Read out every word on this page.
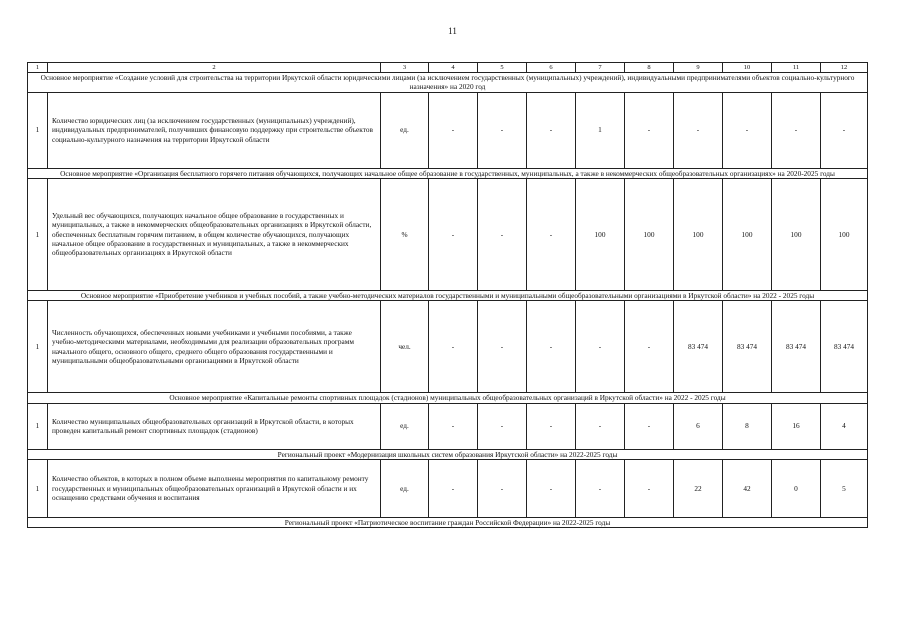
11
1	2	3	4	5	6	7	8	9	10	11	12
Основное мероприятие «Создание условий для строительства на территории Иркутской области юридическими лицами (за исключением государственных (муниципальных) учреждений), индивидуальными предпринимателями объектов социально-культурного назначения» на 2020 год											
1	Количество юридических лиц (за исключением государственных (муниципальных) учреждений), индивидуальных предпринимателей, получивших финансовую поддержку при строительстве объектов социально-культурного назначения на территории Иркутской области	ед.	-	-	-	1	-	-	-	-	-
Основное мероприятие «Организация бесплатного горячего питания обучающихся, получающих начальное общее образование в государственных, муниципальных, а также в некоммерческих общеобразовательных организациях» на 2020-2025 годы											
1	Удельный вес обучающихся, получающих начальное общее образование в государственных и муниципальных, а также в некоммерческих общеобразовательных организациях в Иркутской области, обеспеченных бесплатным горячим питанием, в общем количестве обучающихся, получающих начальное общее образование в государственных и муниципальных, а также в некоммерческих общеобразовательных организациях в Иркутской области	%	-	-	-	100	100	100	100	100	100
Основное мероприятие «Приобретение учебников и учебных пособий, а также учебно-методических материалов государственными и муниципальными общеобразовательными организациями в Иркутской области» на 2022 - 2025 годы											
1	Численность обучающихся, обеспеченных новыми учебниками и учебными пособиями, а также учебно-методическими материалами, необходимыми для реализации образовательных программ начального общего, основного общего, среднего общего образования государственными и муниципальными общеобразовательными организациями в Иркутской области	чел.	-	-	-	-	-	83 474	83 474	83 474	83 474
Основное мероприятие «Капитальные ремонты спортивных площадок (стадионов) муниципальных общеобразовательных организаций в Иркутской области» на 2022 - 2025 годы											
1	Количество муниципальных общеобразовательных организаций в Иркутской области, в которых проведен капитальный ремонт спортивных площадок (стадионов)	ед.	-	-	-	-	-	6	8	16	4
Региональный проект «Модернизация школьных систем образования Иркутской области» на 2022-2025 годы											
1	Количество объектов, в которых в полном объеме выполнены мероприятия по капитальному ремонту государственных и муниципальных общеобразовательных организаций в Иркутской области и их оснащению средствами обучения и воспитания	ед.	-	-	-	-	-	22	42	0	5
Региональный проект «Патриотическое воспитание граждан Российской Федерации» на 2022-2025 годы											
